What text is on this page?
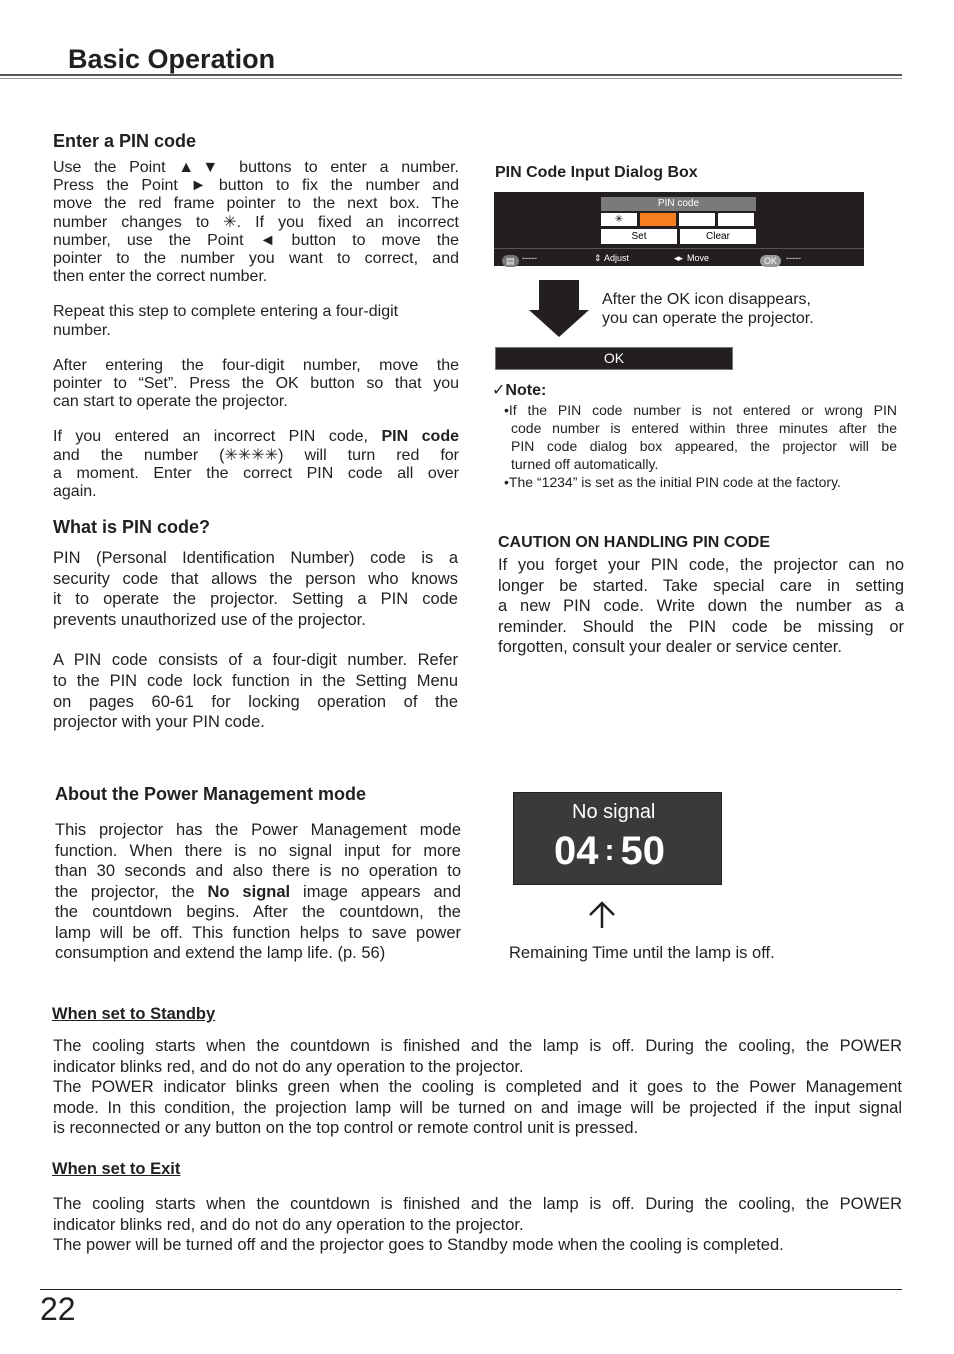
Basic Operation
Enter a PIN code
Use the Point ▲▼ buttons to enter a number.
Press the Point ► button to fix the number and
move the red frame pointer to the next box. The
number changes to ✳. If you fixed an incorrect
number, use the Point ◄ button to move the
pointer to the number you want to correct, and
then enter the correct number.
Repeat this step to complete entering a four-digit
number.
After entering the four-digit number, move the
pointer to “Set”. Press the OK button so that you
can start to operate the projector.
If you entered an incorrect PIN code, PIN code
and the number (✳✳✳✳) will turn red for
a moment. Enter the correct PIN code all over
again.
What is PIN code?
PIN (Personal Identification Number) code is a
security code that allows the person who knows
it to operate the projector. Setting a PIN code
prevents unauthorized use of the projector.
A PIN code consists of a four-digit number. Refer
to the PIN code lock function in the Setting Menu
on pages 60-61 for locking operation of the
projector with your PIN code.
PIN Code Input Dialog Box
PIN code
✳
Set	Clear
▤ -----	⇕ Adjust	◂▸ Move	OK -----
After the OK icon disappears,
you can operate the projector.
OK
✓Note:
•If the PIN code number is not entered or wrong PIN
code number is entered within three minutes after the
PIN code dialog box appeared, the projector will be
turned off automatically.
•The “1234” is set as the initial PIN code at the factory.
CAUTION ON HANDLING PIN CODE
If you forget your PIN code, the projector can no
longer be started. Take special care in setting
a new PIN code. Write down the number as a
reminder. Should the PIN code be missing or
forgotten, consult your dealer or service center.
About the Power Management mode
This projector has the Power Management mode
function. When there is no signal input for more
than 30 seconds and also there is no operation to
the projector, the No signal image appears and
the countdown begins. After the countdown, the
lamp will be off. This function helps to save power
consumption and extend the lamp life. (p. 56)
No signal
04 : 50
Remaining Time until the lamp is off.
When set to Standby
The cooling starts when the countdown is finished and the lamp is off. During the cooling, the POWER
indicator blinks red, and do not do any operation to the projector.
The POWER indicator blinks green when the cooling is completed and it goes to the Power Management
mode. In this condition, the projection lamp will be turned on and image will be projected if the input signal
is reconnected or any button on the top control or remote control unit is pressed.
When set to Exit
The cooling starts when the countdown is finished and the lamp is off. During the cooling, the POWER
indicator blinks red, and do not do any operation to the projector.
The power will be turned off and the projector goes to Standby mode when the cooling is completed.
22
